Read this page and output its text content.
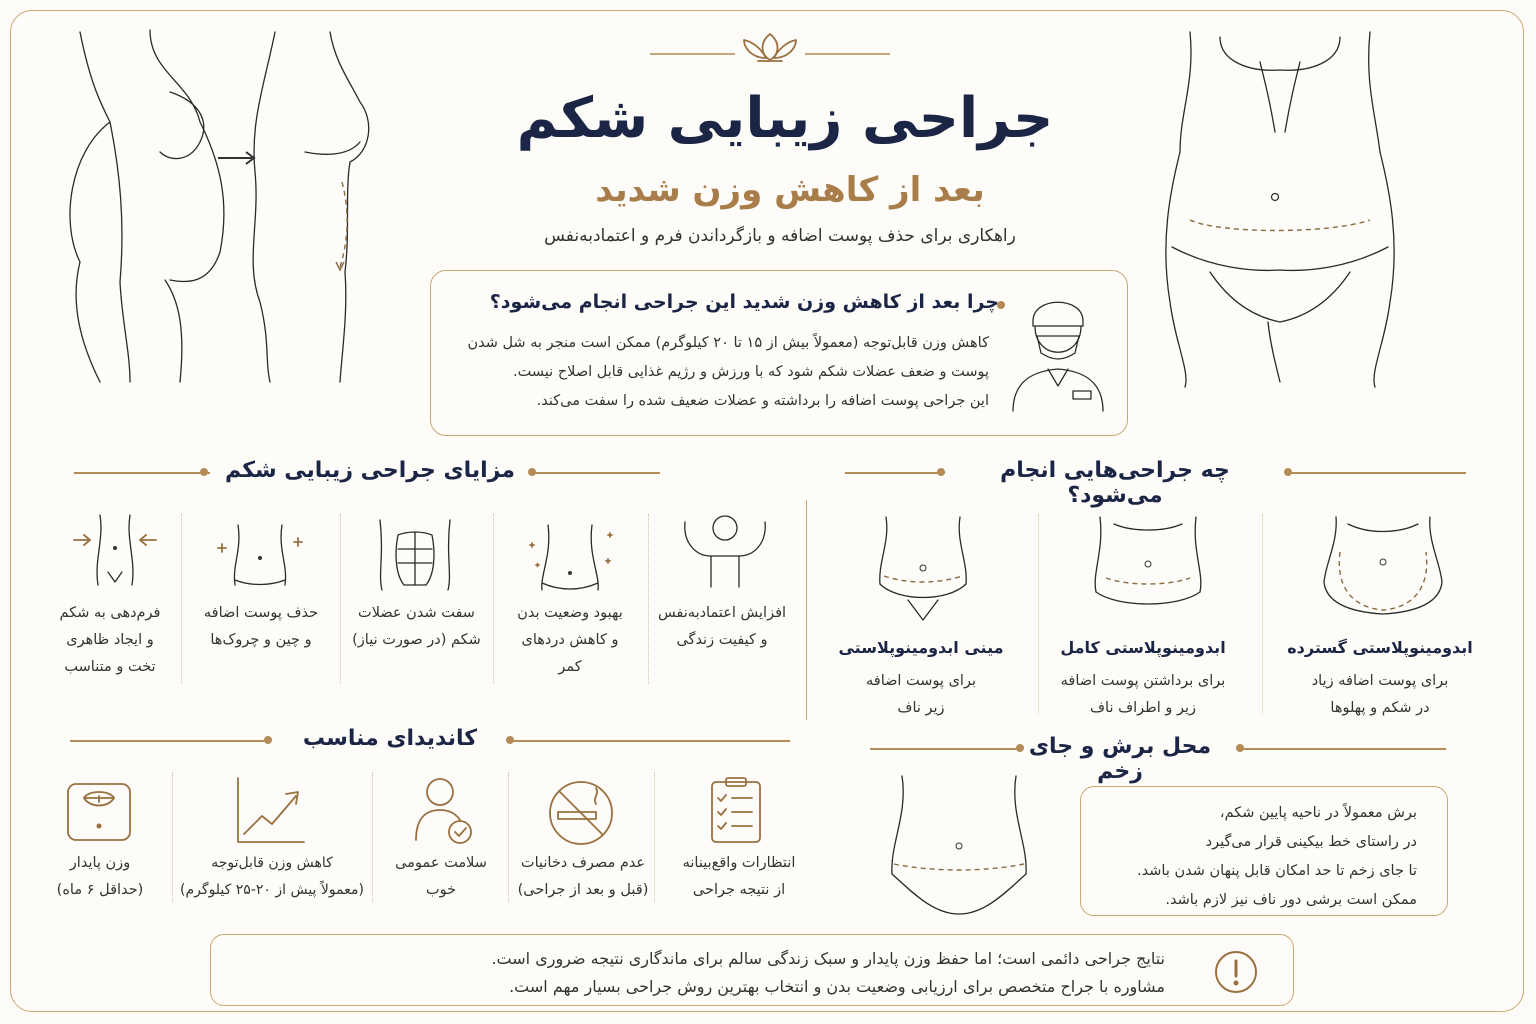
جراحی زیبایی شکم
بعد از کاهش وزن شدید
راهکاری برای حذف پوست اضافه و بازگرداندن فرم و اعتمادبه‌نفس
چرا بعد از کاهش وزن شدید این جراحی انجام می‌شود؟
کاهش وزن قابل‌توجه (معمولاً بیش از ۱۵ تا ۲۰ کیلوگرم) ممکن است منجر به شل شدن
پوست و ضعف عضلات شکم شود که با ورزش و رژیم غذایی قابل اصلاح نیست.
این جراحی پوست اضافه را برداشته و عضلات ضعیف شده را سفت می‌کند.
مزایای جراحی زیبایی شکم	چه جراحی‌هایی انجام می‌شود؟
افزایش اعتمادبه‌نفس
و کیفیت زندگی
بهبود وضعیت بدن
و کاهش دردهای
کمر
سفت شدن عضلات
شکم (در صورت نیاز)
حذف پوست اضافه
و چین و چروک‌ها
فرم‌دهی به شکم
و ایجاد ظاهری
تخت و متناسب
ابدومینوپلاستی گسترده
برای پوست اضافه زیاد
در شکم و پهلوها
ابدومینوپلاستی کامل
برای برداشتن پوست اضافه
زیر و اطراف ناف
مینی ابدومینوپلاستی
برای پوست اضافه
زیر ناف
کاندیدای مناسب
انتظارات واقع‌بینانه
از نتیجه جراحی
عدم مصرف دخانیات
(قبل و بعد از جراحی)
سلامت عمومی
خوب
کاهش وزن قابل‌توجه
(معمولاً پیش از ۲۰-۲۵ کیلوگرم)
وزن پایدار
(حداقل ۶ ماه)
محل برش و جای زخم
برش معمولاً در ناحیه پایین شکم،
در راستای خط بیکینی قرار می‌گیرد
تا جای زخم تا حد امکان قابل پنهان شدن باشد.
ممکن است برشی دور ناف نیز لازم باشد.
نتایج جراحی دائمی است؛ اما حفظ وزن پایدار و سبک زندگی سالم برای ماندگاری نتیجه ضروری است.
مشاوره با جراح متخصص برای ارزیابی وضعیت بدن و انتخاب بهترین روش جراحی بسیار مهم است.
